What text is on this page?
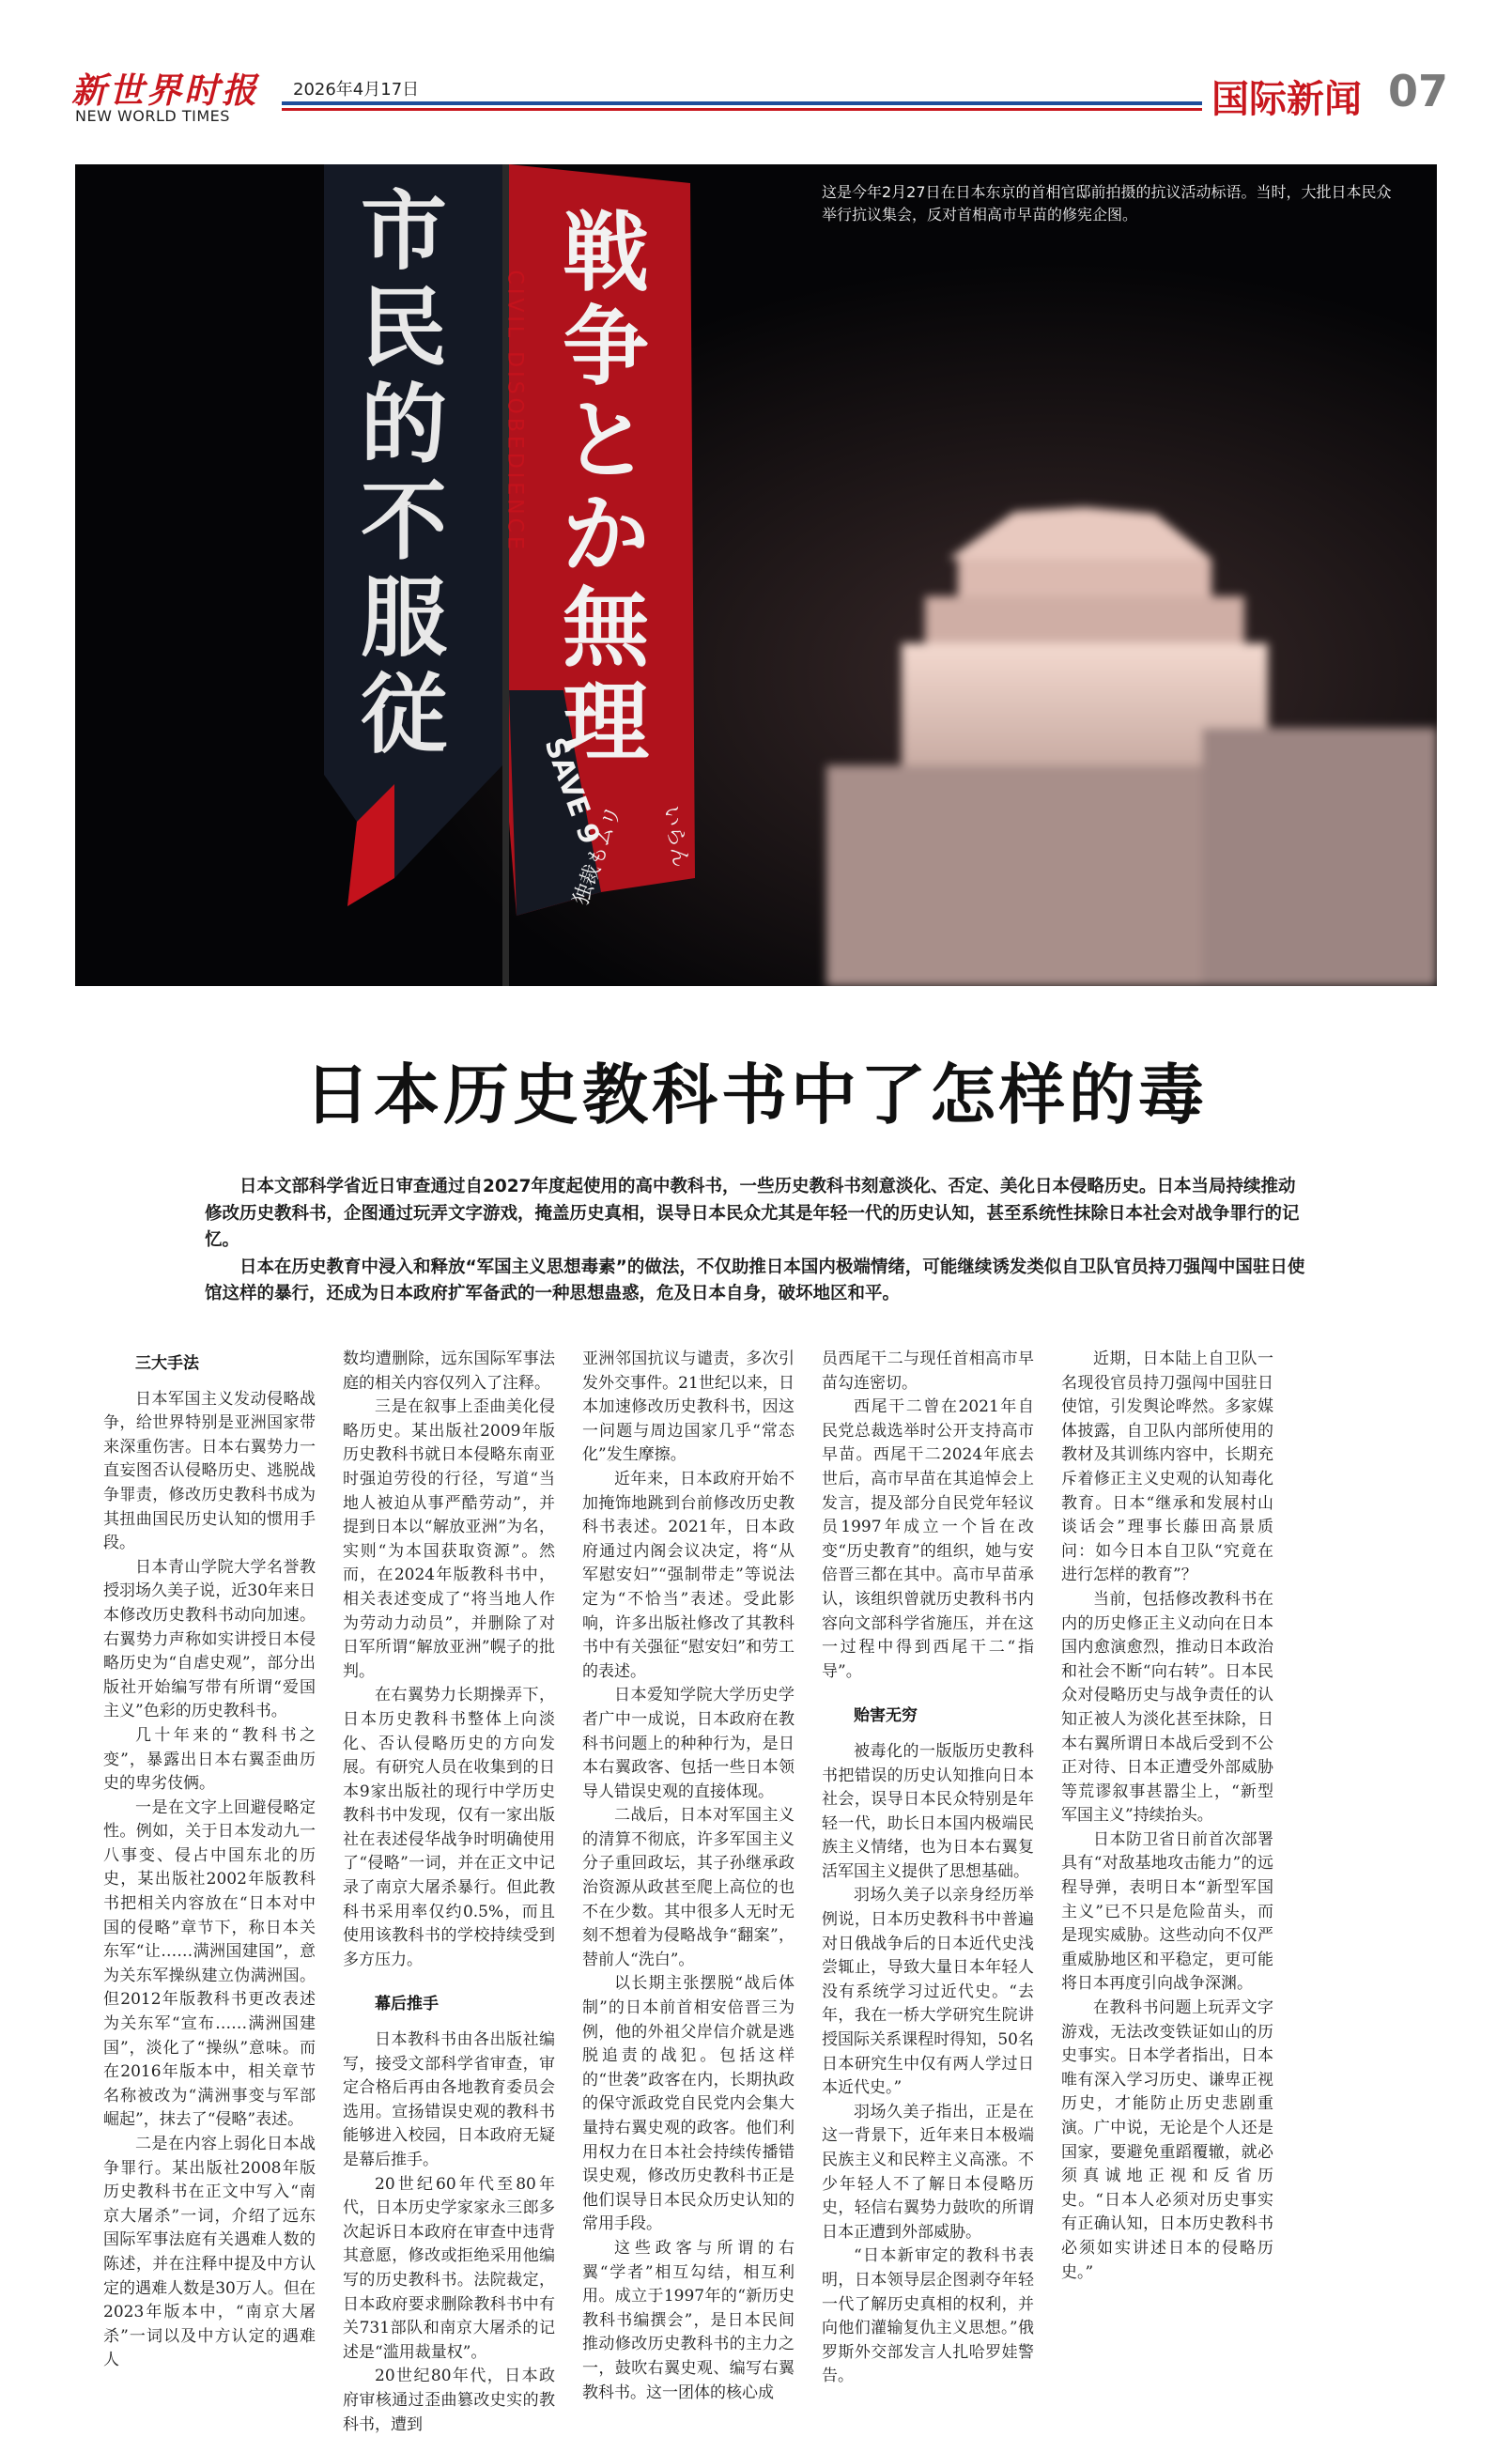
新世界时报
NEW WORLD TIMES
2026年4月17日	国际新闻 07
市
民
的
不
服
従
CIVIL DISOBEDIENCE
戦
争
と
か
無
理
SAVE 9
独裁もムリ いらん
这是今年2月27日在日本东京的首相官邸前拍摄的抗议活动标语。当时，大批日本民众举行抗议集会，反对首相高市早苗的修宪企图。
日本历史教科书中了怎样的毒

日本文部科学省近日审查通过自2027年度起使用的高中教科书，一些历史教科书刻意淡化、否定、美化日本侵略历史。日本当局持续推动修改历史教科书，企图通过玩弄文字游戏，掩盖历史真相，误导日本民众尤其是年轻一代的历史认知，甚至系统性抹除日本社会对战争罪行的记忆。

日本在历史教育中浸入和释放“军国主义思想毒素”的做法，不仅助推日本国内极端情绪，可能继续诱发类似自卫队官员持刀强闯中国驻日使馆这样的暴行，还成为日本政府扩军备武的一种思想蛊惑，危及日本自身，破坏地区和平。

三大手法

日本军国主义发动侵略战争，给世界特别是亚洲国家带来深重伤害。日本右翼势力一直妄图否认侵略历史、逃脱战争罪责，修改历史教科书成为其扭曲国民历史认知的惯用手段。

日本青山学院大学名誉教授羽场久美子说，近30年来日本修改历史教科书动向加速。右翼势力声称如实讲授日本侵略历史为“自虐史观”，部分出版社开始编写带有所谓“爱国主义”色彩的历史教科书。

几十年来的“教科书之变”，暴露出日本右翼歪曲历史的卑劣伎俩。

一是在文字上回避侵略定性。例如，关于日本发动九一八事变、侵占中国东北的历史，某出版社2002年版教科书把相关内容放在“日本对中国的侵略”章节下，称日本关东军“让……满洲国建国”，意为关东军操纵建立伪满洲国。但2012年版教科书更改表述为关东军“宣布……满洲国建国”，淡化了“操纵”意味。而在2016年版本中，相关章节名称被改为“满洲事变与军部崛起”，抹去了“侵略”表述。

二是在内容上弱化日本战争罪行。某出版社2008年版历史教科书在正文中写入“南京大屠杀”一词，介绍了远东国际军事法庭有关遇难人数的陈述，并在注释中提及中方认定的遇难人数是30万人。但在2023年版本中，“南京大屠杀”一词以及中方认定的遇难人

数均遭删除，远东国际军事法庭的相关内容仅列入了注释。

三是在叙事上歪曲美化侵略历史。某出版社2009年版历史教科书就日本侵略东南亚时强迫劳役的行径，写道“当地人被迫从事严酷劳动”，并提到日本以“解放亚洲”为名，实则“为本国获取资源”。然而，在2024年版教科书中，相关表述变成了“将当地人作为劳动力动员”，并删除了对日军所谓“解放亚洲”幌子的批判。

在右翼势力长期操弄下，日本历史教科书整体上向淡化、否认侵略历史的方向发展。有研究人员在收集到的日本9家出版社的现行中学历史教科书中发现，仅有一家出版社在表述侵华战争时明确使用了“侵略”一词，并在正文中记录了南京大屠杀暴行。但此教科书采用率仅约0.5%，而且使用该教科书的学校持续受到多方压力。

幕后推手

日本教科书由各出版社编写，接受文部科学省审查，审定合格后再由各地教育委员会选用。宣扬错误史观的教科书能够进入校园，日本政府无疑是幕后推手。

20世纪60年代至80年代，日本历史学家家永三郎多次起诉日本政府在审查中违背其意愿，修改或拒绝采用他编写的历史教科书。法院裁定，日本政府要求删除教科书中有关731部队和南京大屠杀的记述是“滥用裁量权”。

20世纪80年代，日本政府审核通过歪曲篡改史实的教科书，遭到

亚洲邻国抗议与谴责，多次引发外交事件。21世纪以来，日本加速修改历史教科书，因这一问题与周边国家几乎“常态化”发生摩擦。

近年来，日本政府开始不加掩饰地跳到台前修改历史教科书表述。2021年，日本政府通过内阁会议决定，将“从军慰安妇”“强制带走”等说法定为“不恰当”表述。受此影响，许多出版社修改了其教科书中有关强征“慰安妇”和劳工的表述。

日本爱知学院大学历史学者广中一成说，日本政府在教科书问题上的种种行为，是日本右翼政客、包括一些日本领导人错误史观的直接体现。

二战后，日本对军国主义的清算不彻底，许多军国主义分子重回政坛，其子孙继承政治资源从政甚至爬上高位的也不在少数。其中很多人无时无刻不想着为侵略战争“翻案”，替前人“洗白”。

以长期主张摆脱“战后体制”的日本前首相安倍晋三为例，他的外祖父岸信介就是逃脱追责的战犯。包括这样的“世袭”政客在内，长期执政的保守派政党自民党内会集大量持右翼史观的政客。他们利用权力在日本社会持续传播错误史观，修改历史教科书正是他们误导日本民众历史认知的常用手段。

这些政客与所谓的右翼“学者”相互勾结，相互利用。成立于1997年的“新历史教科书编撰会”，是日本民间推动修改历史教科书的主力之一，鼓吹右翼史观、编写右翼教科书。这一团体的核心成

员西尾干二与现任首相高市早苗勾连密切。

西尾干二曾在2021年自民党总裁选举时公开支持高市早苗。西尾干二2024年底去世后，高市早苗在其追悼会上发言，提及部分自民党年轻议员1997年成立一个旨在改变“历史教育”的组织，她与安倍晋三都在其中。高市早苗承认，该组织曾就历史教科书内容向文部科学省施压，并在这一过程中得到西尾干二“指导”。

贻害无穷

被毒化的一版版历史教科书把错误的历史认知推向日本社会，误导日本民众特别是年轻一代，助长日本国内极端民族主义情绪，也为日本右翼复活军国主义提供了思想基础。

羽场久美子以亲身经历举例说，日本历史教科书中普遍对日俄战争后的日本近代史浅尝辄止，导致大量日本年轻人没有系统学习过近代史。“去年，我在一桥大学研究生院讲授国际关系课程时得知，50名日本研究生中仅有两人学过日本近代史。”

羽场久美子指出，正是在这一背景下，近年来日本极端民族主义和民粹主义高涨。不少年轻人不了解日本侵略历史，轻信右翼势力鼓吹的所谓日本正遭到外部威胁。

“日本新审定的教科书表明，日本领导层企图剥夺年轻一代了解历史真相的权利，并向他们灌输复仇主义思想。”俄罗斯外交部发言人扎哈罗娃警告。

近期，日本陆上自卫队一名现役官员持刀强闯中国驻日使馆，引发舆论哗然。多家媒体披露，自卫队内部所使用的教材及其训练内容中，长期充斥着修正主义史观的认知毒化教育。日本“继承和发展村山谈话会”理事长藤田高景质问：如今日本自卫队“究竟在进行怎样的教育”？

当前，包括修改教科书在内的历史修正主义动向在日本国内愈演愈烈，推动日本政治和社会不断“向右转”。日本民众对侵略历史与战争责任的认知正被人为淡化甚至抹除，日本右翼所谓日本战后受到不公正对待、日本正遭受外部威胁等荒谬叙事甚嚣尘上，“新型军国主义”持续抬头。

日本防卫省日前首次部署具有“对敌基地攻击能力”的远程导弹，表明日本“新型军国主义”已不只是危险苗头，而是现实威胁。这些动向不仅严重威胁地区和平稳定，更可能将日本再度引向战争深渊。

在教科书问题上玩弄文字游戏，无法改变铁证如山的历史事实。日本学者指出，日本唯有深入学习历史、谦卑正视历史，才能防止历史悲剧重演。广中说，无论是个人还是国家，要避免重蹈覆辙，就必须真诚地正视和反省历史。“日本人必须对历史事实有正确认知，日本历史教科书必须如实讲述日本的侵略历史。”
